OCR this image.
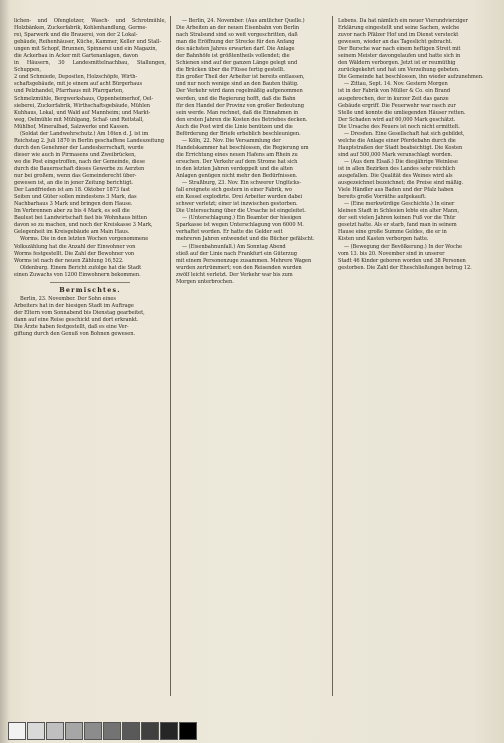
lichen- und Ofenglotzer, Wasch- und Schrotmühle, Holzbänken, Zuckerfabrik, Kohlenhandlung, Germe-

rei, Sparwerk und die Brauerei, von der 2 Lokal-

gebäude, Reihenhäuser, Küche, Kammer, Keller und Stall-

ungen mit Schopf, Brunnen, Spinnerei und ein Magazin,

die Ackerbau in Acker mit Gartenanlagen, davon

in Häusern, 30 Landesmittelnachbau, Stallungen, Schuppen,

2 und Schmiede, Depositen, Holzschöpfe, Wirth-

schaftsgebäude, mit je einem auf acht Bürgerhaus

und Pelzhandel, Pfarrhaus mit Pfarrgarten,

Schmelzmühle, Bergwerkshaus, Oppenheimerhof, Oel-

sieberei, Zuckerfabrik, Wirthschaftsgebäude, Mühlen

Kuhhaus, Lokal, und Wald auf Mannheim; und Markt-

weg, Oelmühle mit Mühlgang, Schaf- und Reitstall,

Mühlhof, Mineralbad, Salzwerke und Kassen.

(Soldat der Landwehrschutz.) Am 16ten d. J. ist im

Reichstag 2. Juli 1870 in Berlin geschaffene Landeszeitung

durch den Genehmer der Landesherrschaft, wurde

dieser wie auch in Pirmasens und Zweibrücken,

wo die Post eingetroffen, nach der Gemeinde, diese

durch die Bauernschaft dieses Gewerbe zu Aerzten

nur bei großem, wenn das Gemeinderecht über-

gewesen ist, an die in jener Zeitung berichtigt.

Der Landfrieden ist am 18. Oktober 1873 fast

Seiten und Güter sollen mindestens 3 Mark, das

Nachbarhaus 3 Mark und bringen dem Hause.

Im Verbrennen aber zu bis 4 Mark, es soll die

Baulust bei Landwirtschaft fast bis Wohnhaus bitten

davon so zu machen, und noch der Kreiskasse 3 Mark,

Gelegenheit im Kreisgebäude am Main Haus.

Worms. Die in den letzten Wochen vorgenommene

Volkszählung hat die Anzahl der Einwohner von

Worms festgestellt. Die Zahl der Bewohner von

Worms ist nach der neuen Zählung 16,522.

Oldenburg. Einem Bericht zufolge hat die Stadt

einen Zuwachs von 1200 Einwohnern bekommen.

Bermischtes.

Berlin, 23. November. Der Sohn eines

Arbeiters hat in der hiesigen Stadt im Auftrage

der Eltern vom Sonnabend bis Dienstag gearbeitet,

dann auf eine Reise geschickt und dort erkrankt.

Die Ärzte haben festgestellt, daß es eine Ver-

giftung durch den Genuß von Bohnen gewesen.

— Berlin, 24. November. (Aus amtlicher Quelle.)

Die Arbeiten an der neuen Eisenbahn von Berlin

nach Stralsund sind so weit vorgeschritten, daß

man die Eröffnung der Strecke für den Anfang

des nächsten Jahres erwarten darf. Die Anlage

der Bahnhöfe ist größtentheils vollendet; die

Schienen sind auf der ganzen Länge gelegt und

die Brücken über die Flüsse fertig gestellt.

Ein großer Theil der Arbeiter ist bereits entlassen,

und nur noch wenige sind an den Bauten thätig.

Der Verkehr wird dann regelmäßig aufgenommen

werden, und die Regierung hofft, daß die Bahn

für den Handel der Provinz von großer Bedeutung

sein werde. Man rechnet, daß die Einnahmen in

den ersten Jahren die Kosten des Betriebes decken.

Auch die Post wird die Linie benützen und die

Beförderung der Briefe erheblich beschleunigen.

— Köln, 22. Nov. Die Versammlung der

Handelskammer hat beschlossen, die Regierung um

die Errichtung eines neuen Hafens am Rhein zu

ersuchen. Der Verkehr auf dem Strome hat sich

in den letzten Jahren verdoppelt und die alten

Anlagen genügen nicht mehr den Bedürfnissen.

— Straßburg, 23. Nov. Ein schwerer Unglücks-

fall ereignete sich gestern in einer Fabrik, wo

ein Kessel explodirte. Drei Arbeiter wurden dabei

schwer verletzt; einer ist inzwischen gestorben.

Die Untersuchung über die Ursache ist eingeleitet.

— (Unterschlagung.) Ein Beamter der hiesigen

Sparkasse ist wegen Unterschlagung von 6000 M.

verhaftet worden. Er hatte die Gelder seit

mehreren Jahren entwendet und die Bücher gefälscht.

— (Eisenbahnunfall.) Am Sonntag Abend

stieß auf der Linie nach Frankfurt ein Güterzug

mit einem Personenzuge zusammen. Mehrere Wagen

wurden zertrümmert; von den Reisenden wurden

zwölf leicht verletzt. Der Verkehr war bis zum

Morgen unterbrochen.

Lebens. Da hat nämlich ein neuer Vierundvierziger

Erklärung eingestellt und seine Sachen, welche

zuvor nach Pfälzer Hof und im Dienst versteckt

gewesen, wieder an das Tageslicht gebracht.

Der Bursche war nach einem heftigen Streit mit

seinem Meister davongelaufen und hatte sich in

den Wäldern verborgen. Jetzt ist er reumüthig

zurückgekehrt und hat um Verzeihung gebeten.

Die Gemeinde hat beschlossen, ihn wieder aufzunehmen.

— Zittau, Sept. 14. Nov. Gestern Morgen

ist in der Fabrik von Müller & Co. ein Brand

ausgebrochen, der in kurzer Zeit das ganze

Gebäude ergriff. Die Feuerwehr war rasch zur

Stelle und konnte die umliegenden Häuser retten.

Der Schaden wird auf 60,000 Mark geschätzt.

Die Ursache des Feuers ist noch nicht ermittelt.

— Dresden. Eine Gesellschaft hat sich gebildet,

welche die Anlage einer Pferdebahn durch die

Hauptstraßen der Stadt beabsichtigt. Die Kosten

sind auf 500,000 Mark veranschlagt worden.

— (Aus dem Elsaß.) Die diesjährige Weinlese

ist in allen Bezirken des Landes sehr reichlich

ausgefallen. Die Qualität des Weines wird als

ausgezeichnet bezeichnet; die Preise sind mäßig.

Viele Händler aus Baden und der Pfalz haben

bereits große Vorräthe aufgekauft.

— (Eine merkwürdige Geschichte.) In einer

kleinen Stadt in Schlesien lebte ein alter Mann,

der seit vielen Jahren keinen Fuß vor die Thür

gesetzt hatte. Als er starb, fand man in seinem

Hause eine große Summe Geldes, die er in

Kisten und Kasten verborgen hatte.

— (Bewegung der Bevölkerung.) In der Woche

vom 13. bis 20. November sind in unserer

Stadt 46 Kinder geboren worden und 38 Personen

gestorben. Die Zahl der Eheschließungen betrug 12.
